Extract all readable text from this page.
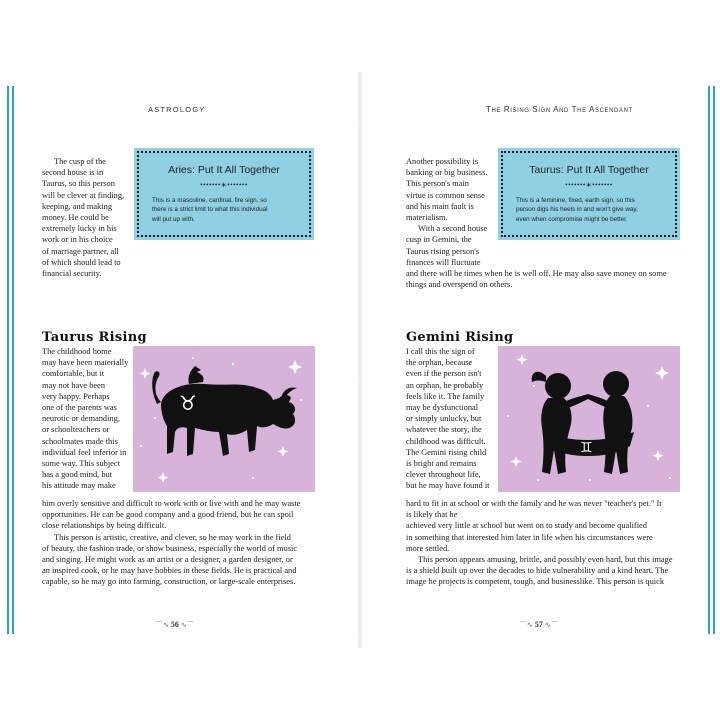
ASTROLOGY
The cusp of the
second house is in
Taurus, so this person
will be clever at finding,
keeping, and making
money. He could be
extremely lucky in his
work or in his choice
of marriage partner, all
of which should lead to
financial security.
Aries: Put It All Together
•••••••∗•••••••
This is a masculine, cardinal, fire sign, so
there is a strict limit to what this individual
will put up with.
Taurus Rising
The childhood home
may have been materially
comfortable, but it
may not have been
very happy. Perhaps
one of the parents was
neurotic or demanding,
or schoolteachers or
schoolmates made this
individual feel inferior in
some way. This subject
has a good mind, but
his attitude may make
♉
him overly sensitive and difficult to work with or live with and he may waste
opportunities. He can be good company and a good friend, but he can spoil
close relationships by being difficult.
This person is artistic, creative, and clever, so he may work in the field
of beauty, the fashion trade, or show business, especially the world of music
and singing. He might work as an artist or a designer, a garden designer, or
an inspired cook, or he may have hobbies in these fields. He is practical and
capable, so he may go into farming, construction, or large-scale enterprises.
⌒∿ 56 ∿⌒
The Rising Sign And The Ascendant
Another possibility is
banking or big business.
This person's main
virtue is common sense
and his main fault is
materialism.
With a second house
cusp in Gemini, the
Taurus rising person's
finances will fluctuate
and there will be times when he is well off. He may also save money on some
things and overspend on others.
Taurus: Put It All Together
•••••••∗•••••••
This is a feminine, fixed, earth sign, so this
person digs his heels in and won't give way,
even when compromise might be better.
Gemini Rising
I call this the sign of
the orphan, because
even if the person isn't
an orphan, he probably
feels like it. The family
may be dysfunctional
or simply unlucky, but
whatever the story, the
childhood was difficult.
The Gemini rising child
is bright and remains
clever throughout life,
but he may have found it
♊
hard to fit in at school or with the family and he was never "teacher's pet." It
is likely that he
achieved very little at school but went on to study and become qualified
in something that interested him later in life when his circumstances were
more settled.
This person appears amusing, brittle, and possibly even hard, but this image
is a shield built up over the decades to hide vulnerability and a kind heart. The
image he projects is competent, tough, and businesslike. This person is quick
⌒∿ 57 ∿⌒
